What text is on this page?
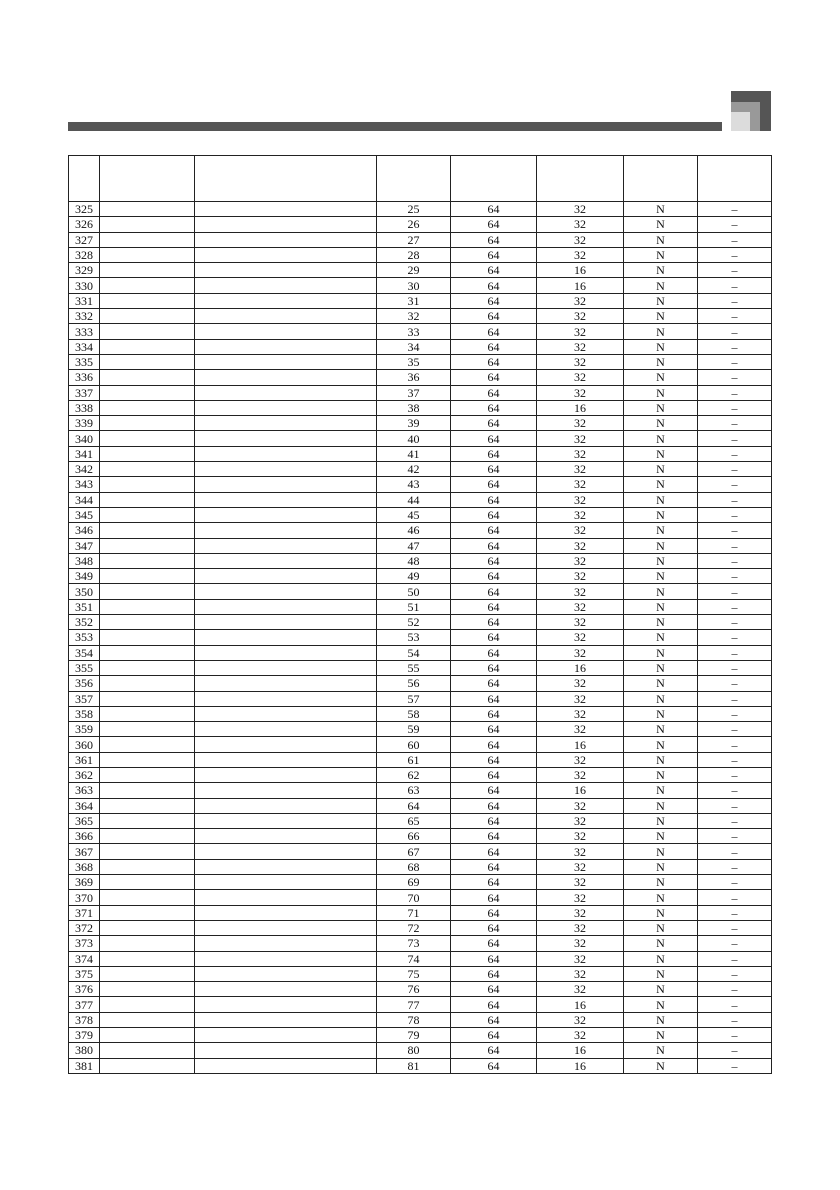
325			25	64	32	N	–
326			26	64	32	N	–
327			27	64	32	N	–
328			28	64	32	N	–
329			29	64	16	N	–
330			30	64	16	N	–
331			31	64	32	N	–
332			32	64	32	N	–
333			33	64	32	N	–
334			34	64	32	N	–
335			35	64	32	N	–
336			36	64	32	N	–
337			37	64	32	N	–
338			38	64	16	N	–
339			39	64	32	N	–
340			40	64	32	N	–
341			41	64	32	N	–
342			42	64	32	N	–
343			43	64	32	N	–
344			44	64	32	N	–
345			45	64	32	N	–
346			46	64	32	N	–
347			47	64	32	N	–
348			48	64	32	N	–
349			49	64	32	N	–
350			50	64	32	N	–
351			51	64	32	N	–
352			52	64	32	N	–
353			53	64	32	N	–
354			54	64	32	N	–
355			55	64	16	N	–
356			56	64	32	N	–
357			57	64	32	N	–
358			58	64	32	N	–
359			59	64	32	N	–
360			60	64	16	N	–
361			61	64	32	N	–
362			62	64	32	N	–
363			63	64	16	N	–
364			64	64	32	N	–
365			65	64	32	N	–
366			66	64	32	N	–
367			67	64	32	N	–
368			68	64	32	N	–
369			69	64	32	N	–
370			70	64	32	N	–
371			71	64	32	N	–
372			72	64	32	N	–
373			73	64	32	N	–
374			74	64	32	N	–
375			75	64	32	N	–
376			76	64	32	N	–
377			77	64	16	N	–
378			78	64	32	N	–
379			79	64	32	N	–
380			80	64	16	N	–
381			81	64	16	N	–
